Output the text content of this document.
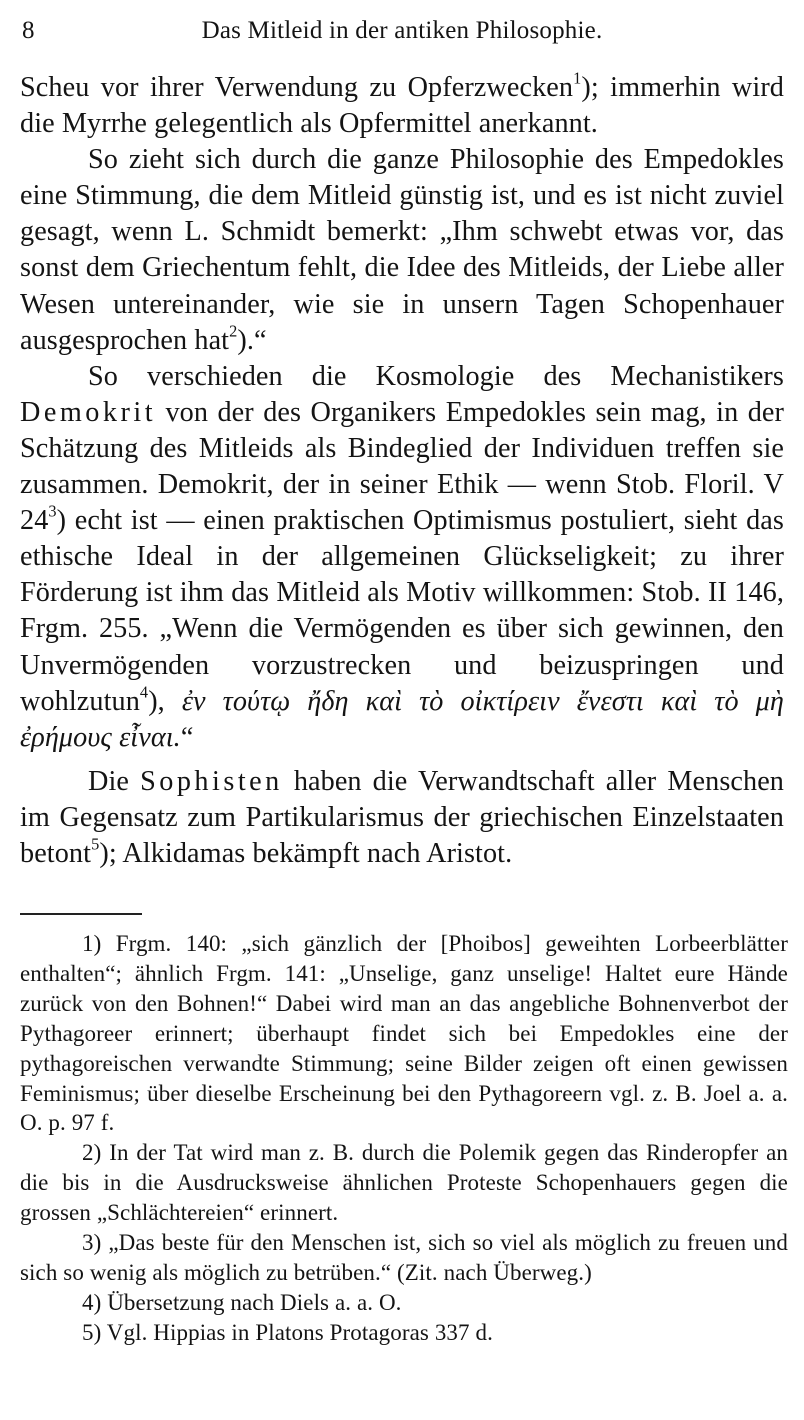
8	Das Mitleid in der antiken Philosophie.

Scheu vor ihrer Verwendung zu Opferzwecken$^1$); immerhin wird die Myrrhe gelegentlich als Opfermittel anerkannt.

So zieht sich durch die ganze Philosophie des Empedokles eine Stimmung, die dem Mitleid günstig ist, und es ist nicht zuviel gesagt, wenn L. Schmidt bemerkt: „Ihm schwebt etwas vor, das sonst dem Griechentum fehlt, die Idee des Mitleids, der Liebe aller Wesen untereinander, wie sie in unsern Tagen Schopenhauer ausgesprochen hat$^2$).“

So verschieden die Kosmologie des Mechanistikers Demokrit von der des Organikers Empedokles sein mag, in der Schätzung des Mitleids als Bindeglied der Individuen treffen sie zusammen. Demokrit, der in seiner Ethik — wenn Stob. Floril. V $24^3$) echt ist — einen praktischen Optimismus postuliert, sieht das ethische Ideal in der allgemeinen Glückseligkeit; zu ihrer Förderung ist ihm das Mitleid als Motiv willkommen: Stob. II 146, Frgm. 255. „Wenn die Vermögenden es über sich gewinnen, den Unvermögenden vorzustrecken und beizuspringen und wohlzutun$^4$), ἐν τούτῳ ἤδη καὶ τὸ οἰκτίρειν ἔνεστι καὶ τὸ μὴ ἐρήμους εἶναι.“

Die Sophisten haben die Verwandtschaft aller Menschen im Gegensatz zum Partikularismus der griechischen Einzelstaaten betont$^5$); Alkidamas bekämpft nach Aristot.

1) Frgm. 140: „sich gänzlich der [Phoibos] geweihten Lorbeerblätter enthalten“; ähnlich Frgm. 141: „Unselige, ganz unselige! Haltet eure Hände zurück von den Bohnen!“ Dabei wird man an das angebliche Bohnenverbot der Pythagoreer erinnert; überhaupt findet sich bei Empedokles eine der pythagoreischen verwandte Stimmung; seine Bilder zeigen oft einen gewissen Feminismus; über dieselbe Erscheinung bei den Pythagoreern vgl. z. B. Joel a. a. O. p. 97 f.

2) In der Tat wird man z. B. durch die Polemik gegen das Rinderopfer an die bis in die Ausdrucksweise ähnlichen Proteste Schopenhauers gegen die grossen „Schlächtereien“ erinnert.

3) „Das beste für den Menschen ist, sich so viel als möglich zu freuen und sich so wenig als möglich zu betrüben.“ (Zit. nach Überweg.)

4) Übersetzung nach Diels a. a. O.

5) Vgl. Hippias in Platons Protagoras 337 d.
